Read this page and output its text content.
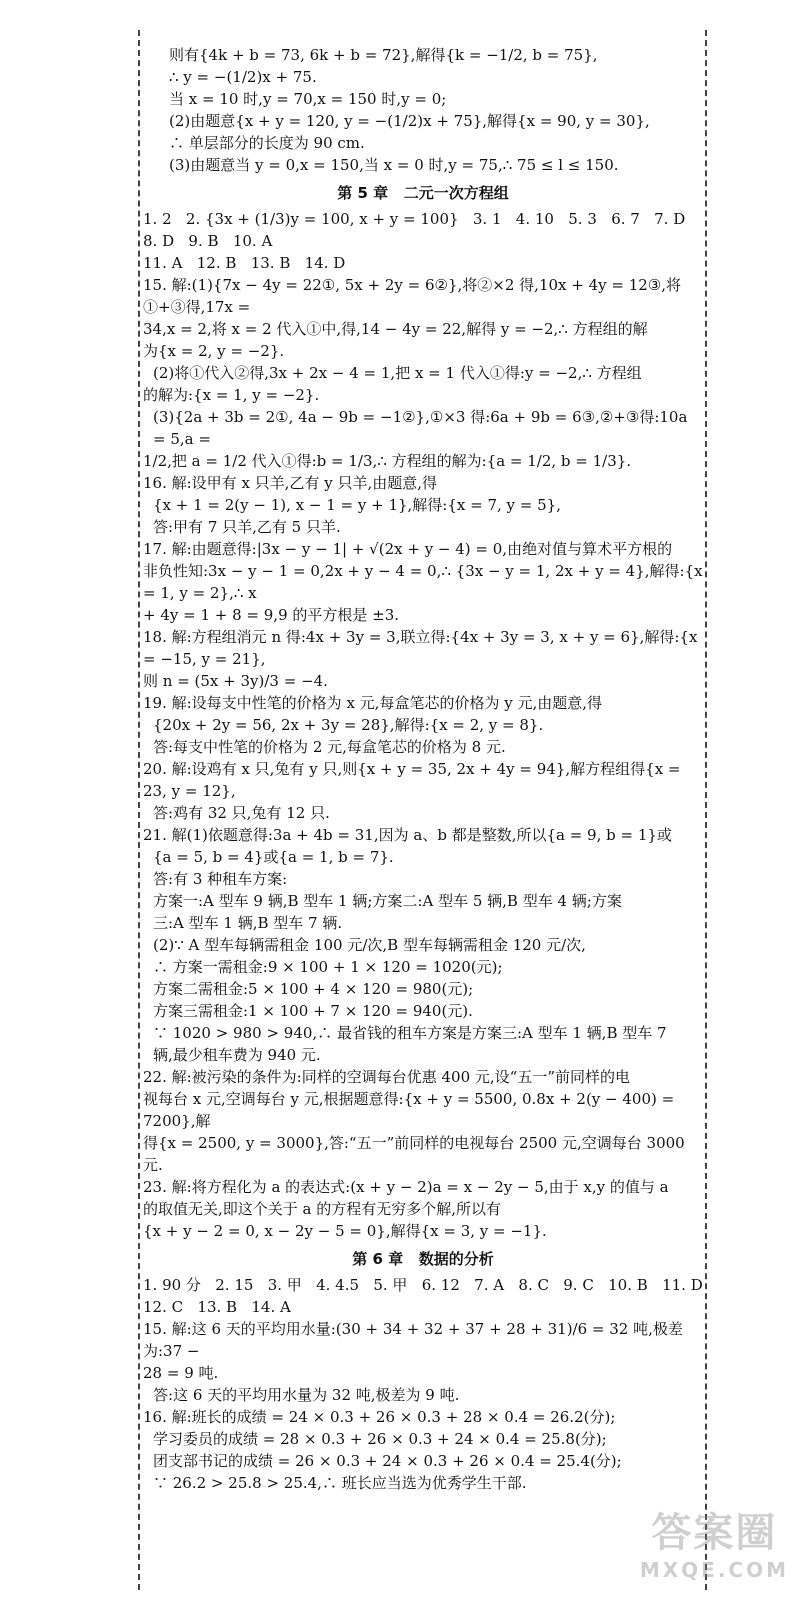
则有{4k + b = 73, 6k + b = 72},解得{k = −1/2, b = 75},

∴ y = −(1/2)x + 75.

当 x = 10 时,y = 70,x = 150 时,y = 0;

(2)由题意{x + y = 120, y = −(1/2)x + 75},解得{x = 90, y = 30},

∴ 单层部分的长度为 90 cm.

(3)由题意当 y = 0,x = 150,当 x = 0 时,y = 75,∴ 75 ≤ l ≤ 150.

第 5 章   二元一次方程组

1. 2   2. {3x + (1/3)y = 100, x + y = 100}   3. 1   4. 10   5. 3   6. 7   7. D   8. D   9. B   10. A

11. A   12. B   13. B   14. D

15. 解:(1){7x − 4y = 22①, 5x + 2y = 6②},将②×2 得,10x + 4y = 12③,将①+③得,17x =

34,x = 2,将 x = 2 代入①中,得,14 − 4y = 22,解得 y = −2,∴ 方程组的解

为{x = 2, y = −2}.

(2)将①代入②得,3x + 2x − 4 = 1,把 x = 1 代入①得:y = −2,∴ 方程组

的解为:{x = 1, y = −2}.

(3){2a + 3b = 2①, 4a − 9b = −1②},①×3 得:6a + 9b = 6③,②+③得:10a = 5,a =

1/2,把 a = 1/2 代入①得:b = 1/3,∴ 方程组的解为:{a = 1/2, b = 1/3}.

16. 解:设甲有 x 只羊,乙有 y 只羊,由题意,得

{x + 1 = 2(y − 1), x − 1 = y + 1},解得:{x = 7, y = 5},

答:甲有 7 只羊,乙有 5 只羊.

17. 解:由题意得:|3x − y − 1| + √(2x + y − 4) = 0,由绝对值与算术平方根的

非负性知:3x − y − 1 = 0,2x + y − 4 = 0,∴ {3x − y = 1, 2x + y = 4},解得:{x = 1, y = 2},∴ x

+ 4y = 1 + 8 = 9,9 的平方根是 ±3.

18. 解:方程组消元 n 得:4x + 3y = 3,联立得:{4x + 3y = 3, x + y = 6},解得:{x = −15, y = 21},

则 n = (5x + 3y)/3 = −4.

19. 解:设每支中性笔的价格为 x 元,每盒笔芯的价格为 y 元,由题意,得

{20x + 2y = 56, 2x + 3y = 28},解得:{x = 2, y = 8}.

答:每支中性笔的价格为 2 元,每盒笔芯的价格为 8 元.

20. 解:设鸡有 x 只,兔有 y 只,则{x + y = 35, 2x + 4y = 94},解方程组得{x = 23, y = 12},

答:鸡有 32 只,兔有 12 只.

21. 解(1)依题意得:3a + 4b = 31,因为 a、b 都是整数,所以{a = 9, b = 1}或

{a = 5, b = 4}或{a = 1, b = 7}.

答:有 3 种租车方案:

方案一:A 型车 9 辆,B 型车 1 辆;方案二:A 型车 5 辆,B 型车 4 辆;方案

三:A 型车 1 辆,B 型车 7 辆.

(2)∵ A 型车每辆需租金 100 元/次,B 型车每辆需租金 120 元/次,

∴ 方案一需租金:9 × 100 + 1 × 120 = 1020(元);

方案二需租金:5 × 100 + 4 × 120 = 980(元);

方案三需租金:1 × 100 + 7 × 120 = 940(元).

∵ 1020 > 980 > 940,∴ 最省钱的租车方案是方案三:A 型车 1 辆,B 型车 7

辆,最少租车费为 940 元.

22. 解:被污染的条件为:同样的空调每台优惠 400 元,设“五一”前同样的电

视每台 x 元,空调每台 y 元,根据题意得:{x + y = 5500, 0.8x + 2(y − 400) = 7200},解

得{x = 2500, y = 3000},答:“五一”前同样的电视每台 2500 元,空调每台 3000 元.

23. 解:将方程化为 a 的表达式:(x + y − 2)a = x − 2y − 5,由于 x,y 的值与 a

的取值无关,即这个关于 a 的方程有无穷多个解,所以有

{x + y − 2 = 0, x − 2y − 5 = 0},解得{x = 3, y = −1}.

第 6 章   数据的分析

1. 90 分   2. 15   3. 甲   4. 4.5   5. 甲   6. 12   7. A   8. C   9. C   10. B   11. D

12. C   13. B   14. A

15. 解:这 6 天的平均用水量:(30 + 34 + 32 + 37 + 28 + 31)/6 = 32 吨,极差为:37 −

28 = 9 吨.

答:这 6 天的平均用水量为 32 吨,极差为 9 吨.

16. 解:班长的成绩 = 24 × 0.3 + 26 × 0.3 + 28 × 0.4 = 26.2(分);

学习委员的成绩 = 28 × 0.3 + 26 × 0.3 + 24 × 0.4 = 25.8(分);

团支部书记的成绩 = 26 × 0.3 + 24 × 0.3 + 26 × 0.4 = 25.4(分);

∵ 26.2 > 25.8 > 25.4,∴ 班长应当选为优秀学生干部.

答案圈
MXQE.COM
